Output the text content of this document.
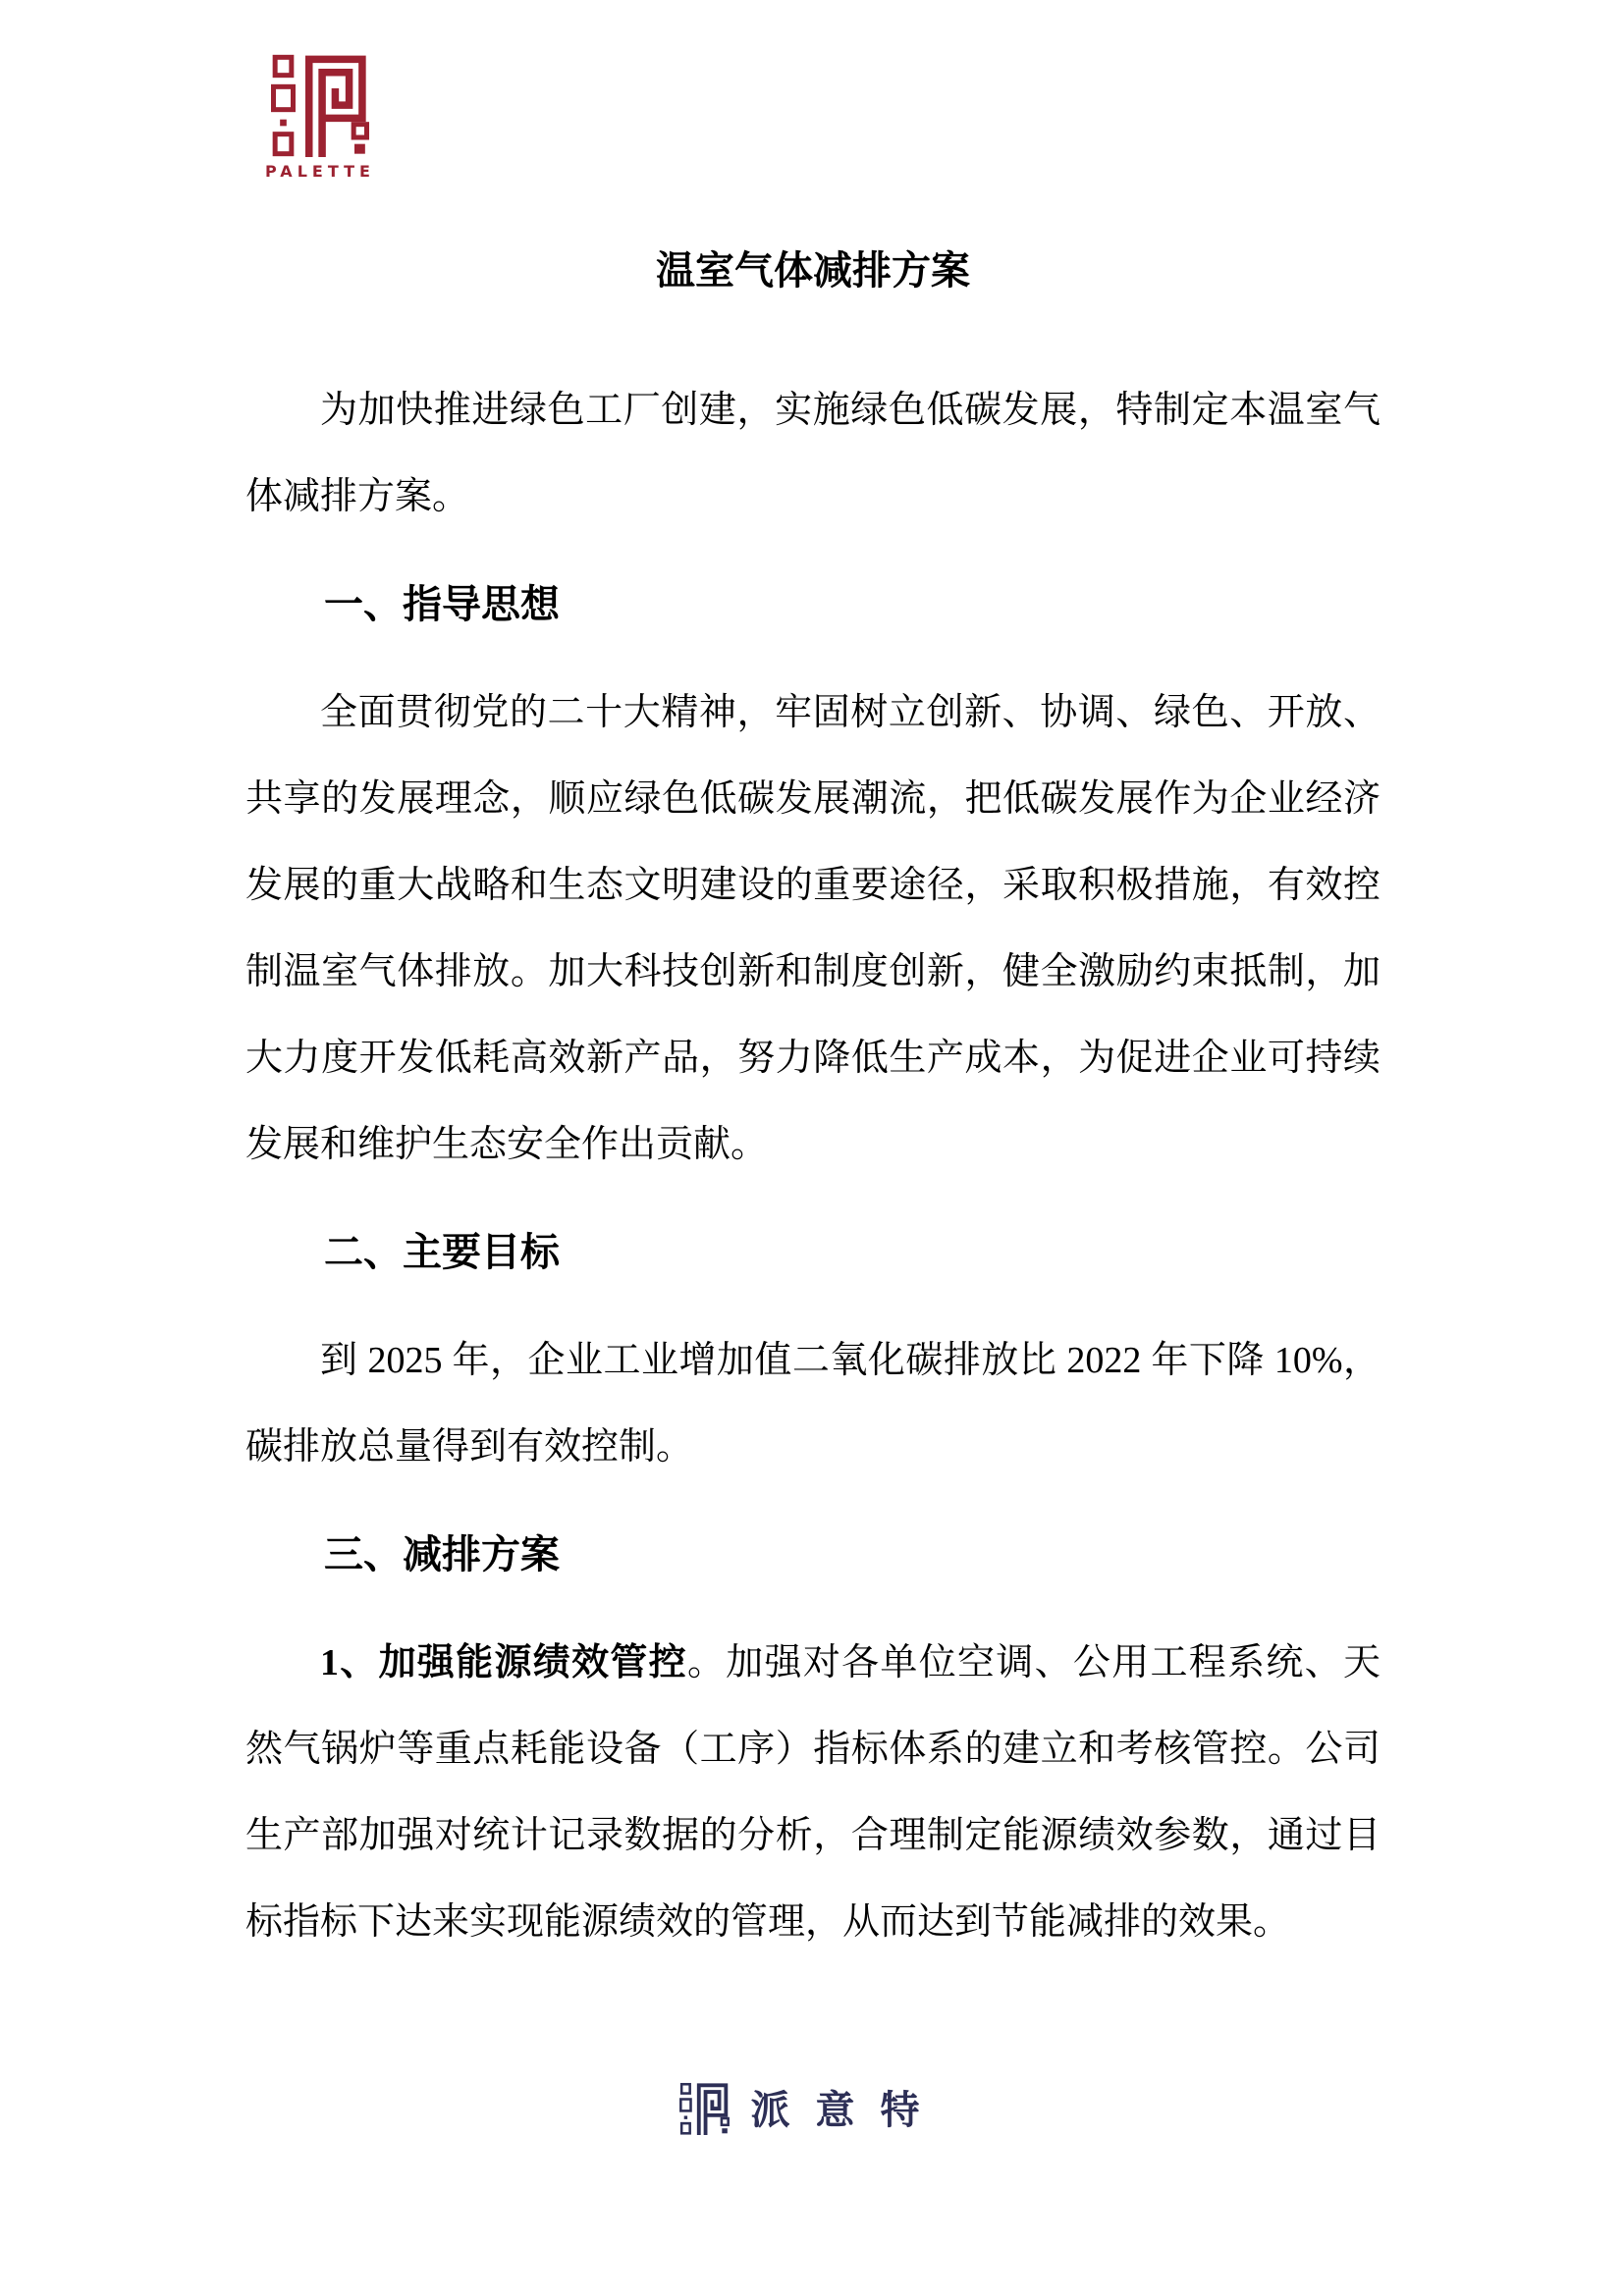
PALETTE
温室气体减排方案
为加快推进绿色工厂创建，实施绿色低碳发展，特制定本温室气
体减排方案。
一、指导思想
全面贯彻党的二十大精神，牢固树立创新、协调、绿色、开放、
共享的发展理念，顺应绿色低碳发展潮流，把低碳发展作为企业经济
发展的重大战略和生态文明建设的重要途径，采取积极措施，有效控
制温室气体排放。加大科技创新和制度创新，健全激励约束抵制，加
大力度开发低耗高效新产品，努力降低生产成本，为促进企业可持续
发展和维护生态安全作出贡献。
二、主要目标
到 2025 年，企业工业增加值二氧化碳排放比 2022 年下降 10%，
碳排放总量得到有效控制。
三、减排方案
1、加强能源绩效管控。加强对各单位空调、公用工程系统、天
然气锅炉等重点耗能设备（工序）指标体系的建立和考核管控。公司
生产部加强对统计记录数据的分析，合理制定能源绩效参数，通过目
标指标下达来实现能源绩效的管理，从而达到节能减排的效果。
派意特
